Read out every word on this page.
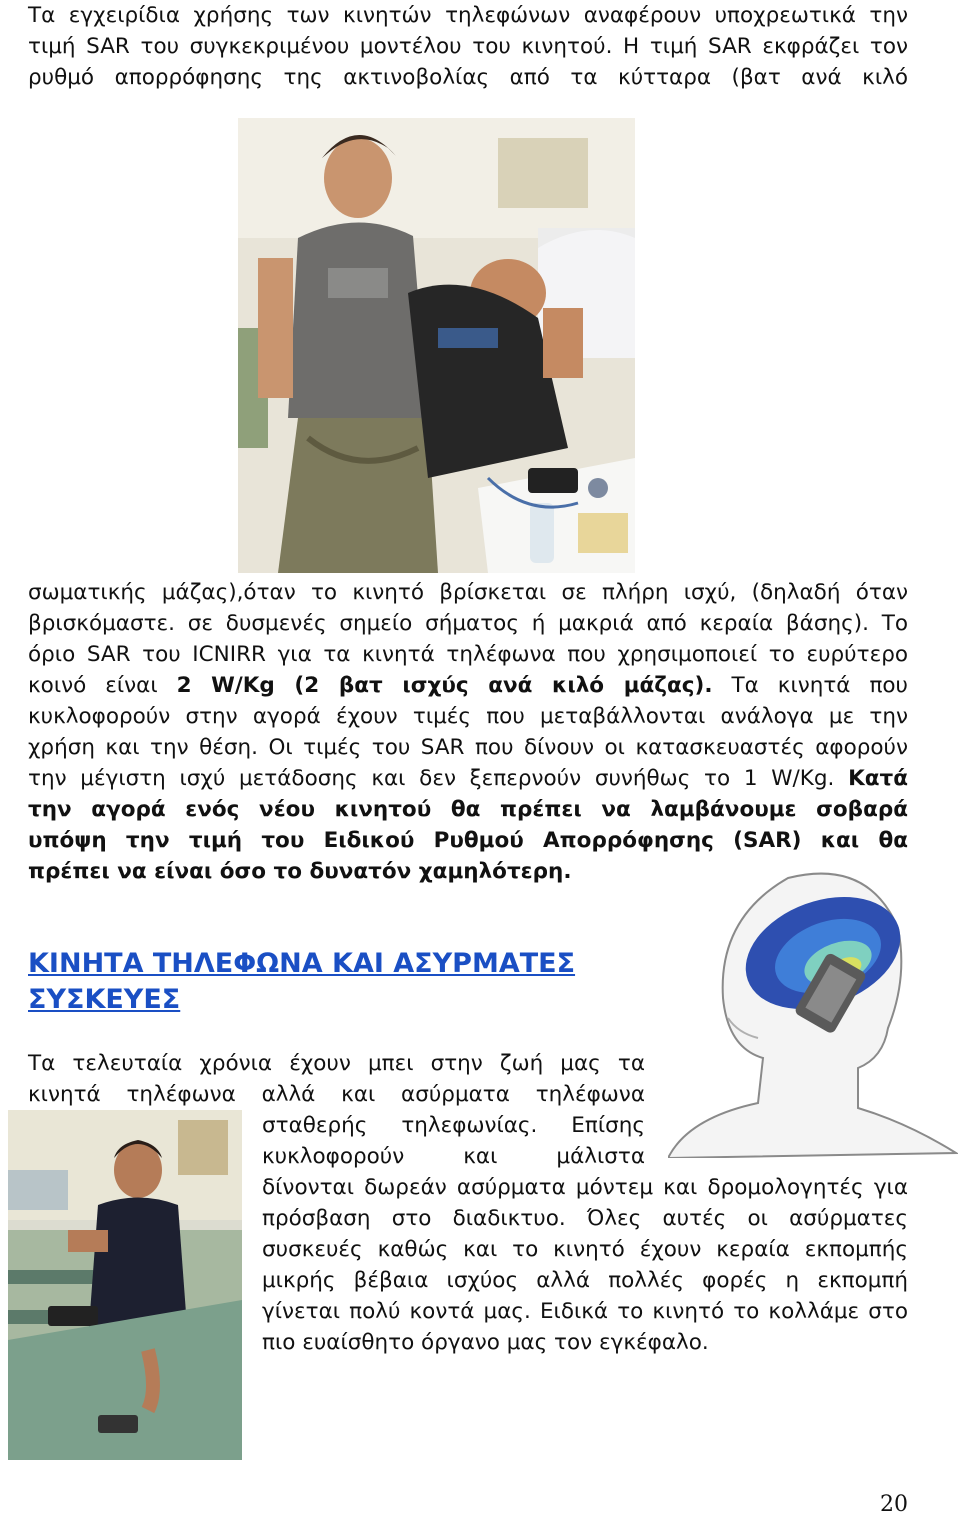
Τα εγχειρίδια χρήσης των κινητών τηλεφώνων αναφέρουν υποχρεωτικά την
τιμή SAR του συγκεκριμένου μοντέλου του κινητού. Η τιμή SAR εκφράζει τον
ρυθμό απορρόφησης της ακτινοβολίας από τα κύτταρα (βατ ανά κιλό
σωματικής μάζας),όταν το κινητό βρίσκεται σε πλήρη ισχύ, (δηλαδή όταν
βρισκόμαστε. σε δυσμενές σημείο σήματος ή μακριά από κεραία βάσης). Το
όριο SAR του ICNIRR για τα κινητά τηλέφωνα που χρησιμοποιεί το ευρύτερο
κοινό είναι 2 W/Kg (2 βατ ισχύς ανά κιλό μάζας). Τα κινητά που
κυκλοφορούν στην αγορά έχουν τιμές που μεταβάλλονται ανάλογα με την
χρήση και την θέση. Οι τιμές του SAR που δίνουν οι κατασκευαστές αφορούν
την μέγιστη ισχύ μετάδοσης και δεν ξεπερνούν συνήθως το 1 W/Kg. Κατά
την αγορά ενός νέου κινητού θα πρέπει να λαμβάνουμε σοβαρά
υπόψη την τιμή του Ειδικού Ρυθμού Απορρόφησης (SAR) και θα
πρέπει να είναι όσο το δυνατόν χαμηλότερη.
ΚΙΝΗΤΑ ΤΗΛΕΦΩΝΑ ΚΑΙ ΑΣΥΡΜΑΤΕΣ
ΣΥΣΚΕΥΕΣ
Τα τελευταία χρόνια έχουν μπει στην ζωή μας τα
κινητά τηλέφωνα αλλά και ασύρματα τηλέφωνα
σταθερής τηλεφωνίας. Επίσης
κυκλοφορούν και μάλιστα
δίνονται δωρεάν ασύρματα μόντεμ και δρομολογητές για
πρόσβαση στο διαδικτυο. Όλες αυτές οι ασύρματες
συσκευές καθώς και το κινητό έχουν κεραία εκπομπής
μικρής βέβαια ισχύος αλλά πολλές φορές η εκπομπή
γίνεται πολύ κοντά μας. Ειδικά το κινητό το κολλάμε στο
πιο ευαίσθητο όργανο μας τον εγκέφαλο.
20
